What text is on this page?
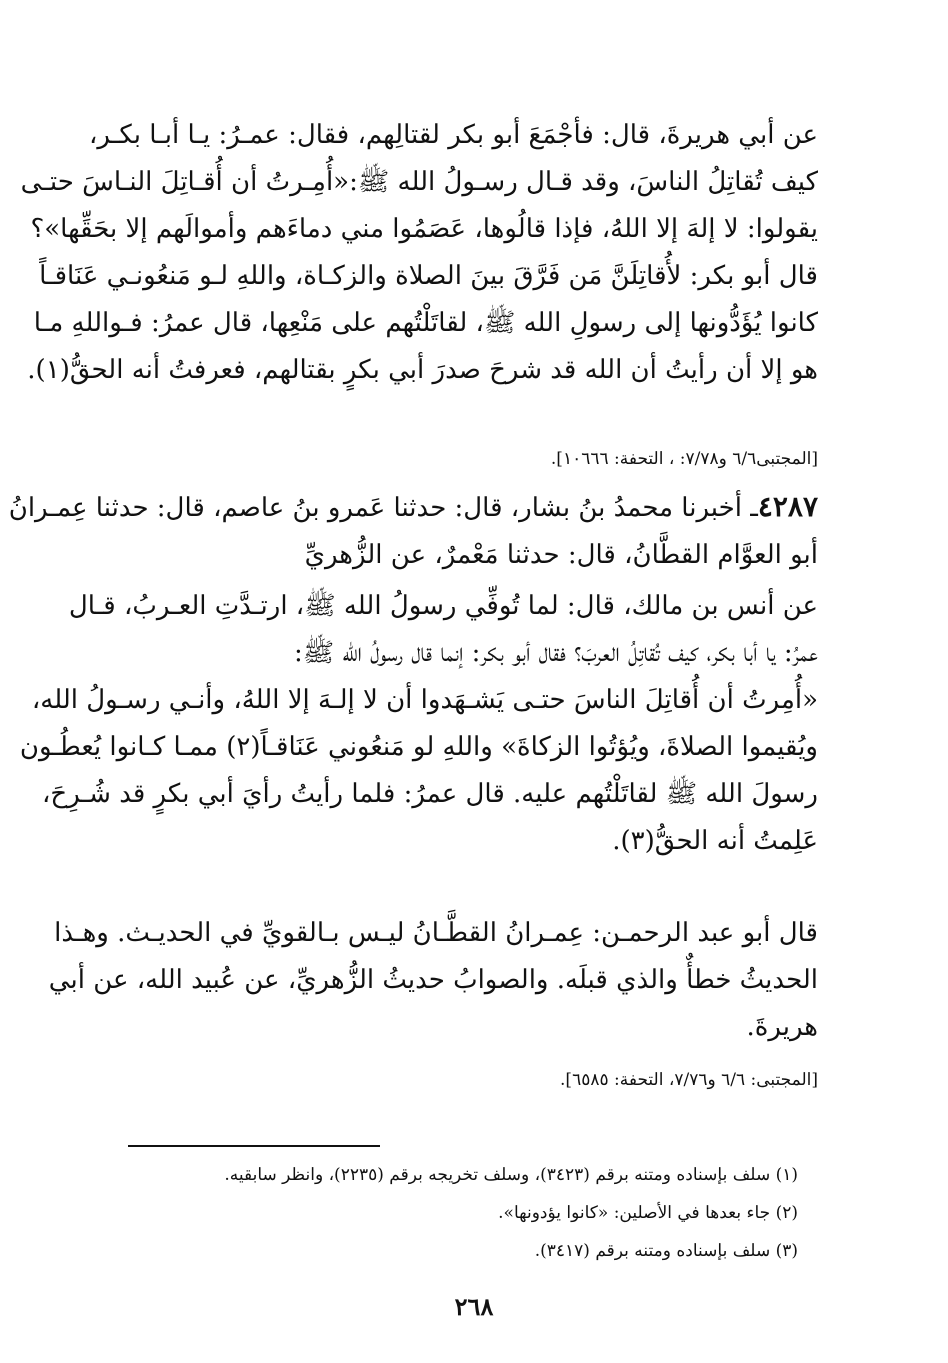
عن أبي هريرةَ، قال: فأجْمَعَ أبو بكر لقتالِهم، فقال: عمـرُ: يـا أبـا بكـر،
كيف تُقاتِلُ الناسَ، وقد قـال رسـولُ الله ﷺ:«أُمِـرتُ أن أُقـاتِلَ النـاسَ حتـى
يقولوا: لا إلهَ إلا اللهُ، فإذا قالُوها، عَصَمُوا مني دماءَهم وأموالَهم إلا بحَقِّها»؟
قال أبو بكر: لأُقاتِلَنَّ مَن فَرَّقَ بينَ الصلاة والزكـاة، واللهِ لـو مَنعُونـي عَنَاقـاً
كانوا يُؤَدُّونها إلى رسولِ الله ﷺ، لقاتَلْتُهم على مَنْعِها، قال عمرُ: فـواللهِ مـا
هو إلا أن رأيتُ أن الله قد شرحَ صدرَ أبي بكرٍ بقتالهم، فعرفتُ أنه الحقُّ(١).
[المجتبى٦/٦ و٧/٧٨: ، التحفة: ١٠٦٦٦].
٤٢٨٧ـ أخبرنا محمدُ بنُ بشار، قال: حدثنا عَمرو بنُ عاصم، قال: حدثنا عِمـرانُ
أبو العوَّام القطَّانُ، قال: حدثنا مَعْمرٌ، عن الزُّهريِّ
عن أنس بن مالك، قال: لما تُوفِّي رسولُ الله ﷺ، ارتـدَّتِ العـربُ، قـال
عمرُ: يا أبا بكر، كيف تُقاتِلُ العربَ؟ فقال أبو بكر: إنما قال رسولُ الله ﷺ:
«أُمِرتُ أن أُقاتِلَ الناسَ حتـى يَشـهَدوا أن لا إلـهَ إلا اللهُ، وأنـي رسـولُ الله،
ويُقيموا الصلاةَ، ويُؤتُوا الزكاةَ» واللهِ لو مَنعُوني عَنَاقـاً(٢) ممـا كـانوا يُعطُـون
رسولَ الله ﷺ لقاتَلْتُهم عليه. قال عمرُ: فلما رأيتُ رأيَ أبي بكرٍ قد شُـرِحَ،
عَلِمتُ أنه الحقُّ(٣).
قال أبو عبد الرحمـن: عِمـرانُ القطَّـانُ ليـس بـالقويِّ في الحديـث. وهـذا
الحديثُ خطأٌ والذي قبلَه. والصوابُ حديثُ الزُّهريِّ، عن عُبيد الله، عن أبي
هريرةَ.
[المجتبى: ٦/٦ و٧/٧٦، التحفة: ٦٥٨٥].
(١) سلف بإسناده ومتنه برقم (٣٤٢٣)، وسلف تخريجه برقم (٢٢٣٥)، وانظر سابقيه.
(٢) جاء بعدها في الأصلين: «كانوا يؤدونها».
(٣) سلف بإسناده ومتنه برقم (٣٤١٧).
٢٦٨
